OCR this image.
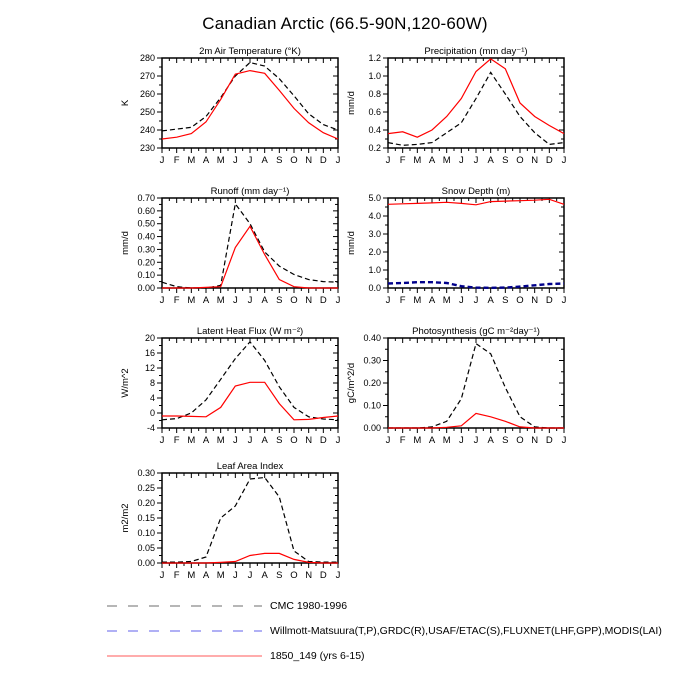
Canadian Arctic (66.5-90N,120-60W)
2m Air Temperature (°K)
K
230
240
250
260
270
280
J F M A M J J A S O N D J
Precipitation (mm day⁻¹)
mm/d
0.2
0.4
0.6
0.8
1.0
1.2
J F M A M J J A S O N D J
Runoff (mm day⁻¹)
mm/d
0.00
0.10
0.20
0.30
0.40
0.50
0.60
0.70
J F M A M J J A S O N D J
Snow Depth (m)
mm/d
0.0
1.0
2.0
3.0
4.0
5.0
J F M A M J J A S O N D J
Latent Heat Flux (W m⁻²)
W/m^2
-4
0
4
8
12
16
20
J F M A M J J A S O N D J
Photosynthesis (gC m⁻²day⁻¹)
gC/m^2/d
0.00
0.10
0.20
0.30
0.40
J F M A M J J A S O N D J
Leaf Area Index
m2/m2
0.00
0.05
0.10
0.15
0.20
0.25
0.30
J F M A M J J A S O N D J
CMC 1980-1996
Willmott-Matsuura(T,P),GRDC(R),USAF/ETAC(S),FLUXNET(LHF,GPP),MODIS(LAI)
1850_149 (yrs 6-15)
